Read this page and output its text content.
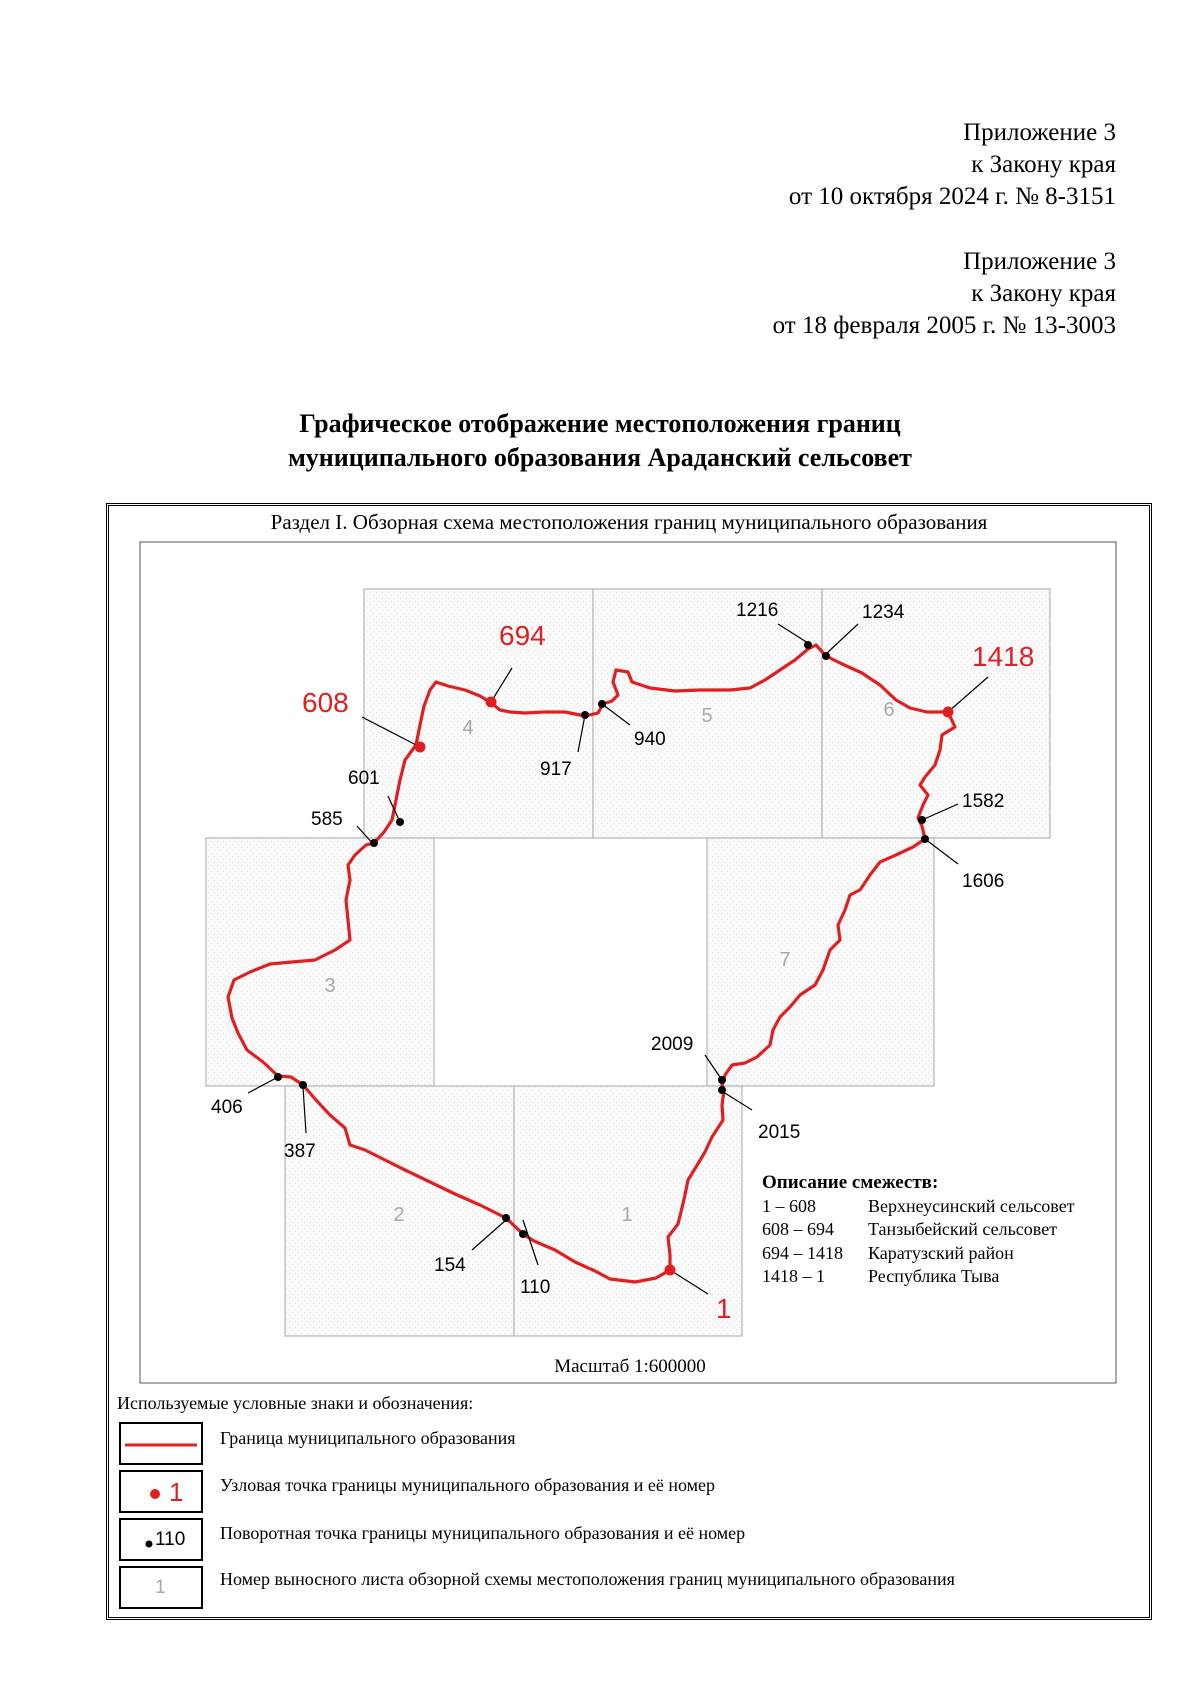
Приложение 3
к Закону края
от 10 октября 2024 г. № 8-3151
Приложение 3
к Закону края
от 18 февраля 2005 г. № 13-3003
Графическое отображение местоположения границ
муниципального образования Араданский сельсовет
Раздел I. Обзорная схема местоположения границ муниципального образования
4
5	6
3
7
2	1
1
608
694
1418
110
154
387
406
585
601	917
940
1216	1234
1582
1606
2009
2015
Описание смежеств:
1 – 608	Верхнеусинский сельсовет
608 – 694	Танзыбейский сельсовет
694 – 1418	Каратузский район
1418 – 1	Республика Тыва
Масштаб 1:600000
Используемые условные знаки и обозначения:
Граница муниципального образования
1 Узловая точка границы муниципального образования и её номер
110 Поворотная точка границы муниципального образования и её номер
1	Номер выносного листа обзорной схемы местоположения границ муниципального образования
